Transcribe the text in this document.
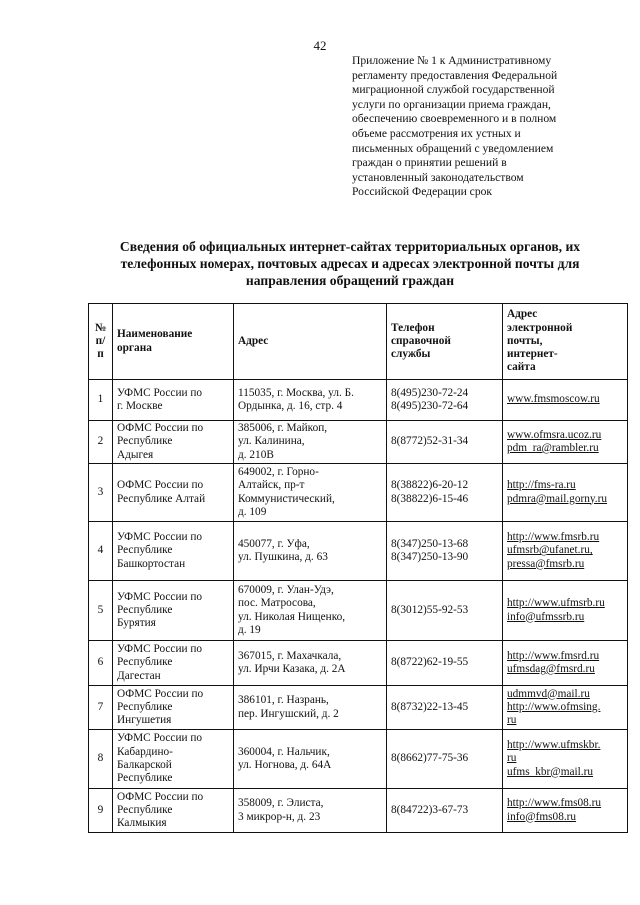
42
Приложение № 1 к Административному
регламенту предоставления Федеральной
миграционной службой государственной
услуги по организации приема граждан,
обеспечению своевременного и в полном
объеме рассмотрения их устных и
письменных обращений с уведомлением
граждан о принятии решений в
установленный законодательством
Российской Федерации срок
Сведения об официальных интернет-сайтах территориальных органов, их
телефонных номерах, почтовых адресах и адресах электронной почты для
направления обращений граждан
№
п/
п	Наименование
органа	Адрес	Телефон
справочной
службы	Адрес
электронной
почты,
интернет-
сайта

1	УФМС России по
г. Москве	115035, г. Москва, ул. Б.
Ордынка, д. 16, стр. 4	8(495)230-72-24
8(495)230-72-64	www.fmsmoscow.ru

2	ОФМС России по
Республике
Адыгея	385006, г. Майкоп,
ул. Калинина,
д. 210В	8(8772)52-31-34	www.ofmsra.ucoz.ru
pdm_ra@rambler.ru

3	ОФМС России по
Республике Алтай	649002, г. Горно-
Алтайск, пр-т
Коммунистический,
д. 109	8(38822)6-20-12
8(38822)6-15-46	http://fms-ra.ru
pdmra@mail.gorny.ru

4	УФМС России по
Республике
Башкортостан	450077, г. Уфа,
ул. Пушкина, д. 63	8(347)250-13-68
8(347)250-13-90	http://www.fmsrb.ru
ufmsrb@ufanet.ru,
pressa@fmsrb.ru

5	УФМС России по
Республике
Бурятия	670009, г. Улан-Удэ,
пос. Матросова,
ул. Николая Нищенко,
д. 19	8(3012)55-92-53	http://www.ufmsrb.ru
info@ufmssrb.ru

6	УФМС России по
Республике
Дагестан	367015, г. Махачкала,
ул. Ирчи Казака, д. 2А	8(8722)62-19-55	http://www.fmsrd.ru
ufmsdag@fmsrd.ru

7	ОФМС России по
Республике
Ингушетия	386101, г. Назрань,
пер. Ингушский, д. 2	8(8732)22-13-45	udmmvd@mail.ru
http://www.ofmsing.
ru

8	УФМС России по
Кабардино-
Балкарской
Республике	360004, г. Нальчик,
ул. Ногнова, д. 64А	8(8662)77-75-36	http://www.ufmskbr.
ru
ufms_kbr@mail.ru

9	ОФМС России по
Республике
Калмыкия	358009, г. Элиста,
3 микрор-н, д. 23	8(84722)3-67-73	http://www.fms08.ru
info@fms08.ru
